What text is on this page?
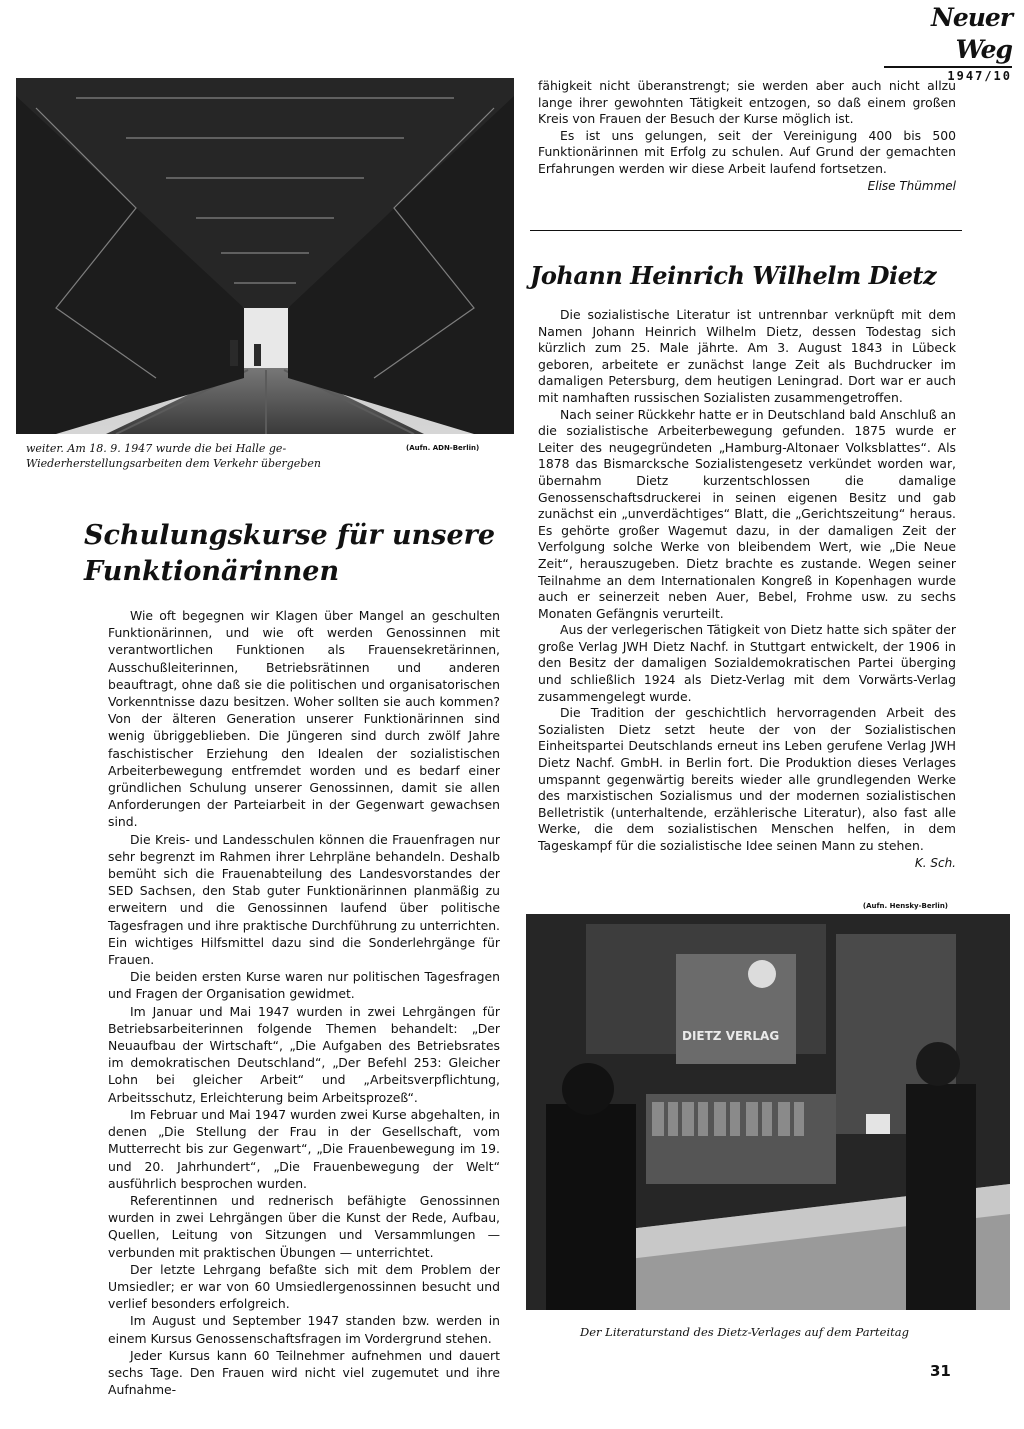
Neuer Weg
1947/10
weiter. Am 18. 9. 1947 wurde die bei Halle ge-
Wiederherstellungsarbeiten dem Verkehr übergeben
(Aufn. ADN-Berlin)
Schulungskurse für unsere
Funktionärinnen

Wie oft begegnen wir Klagen über Mangel an geschulten Funktionärinnen, und wie oft werden Genossinnen mit verantwortlichen Funktionen als Frauensekretärinnen, Ausschußleiterinnen, Betriebsrätinnen und anderen beauftragt, ohne daß sie die politischen und organisatorischen Vorkenntnisse dazu besitzen. Woher sollten sie auch kommen? Von der älteren Generation unserer Funktionärinnen sind wenig übriggeblieben. Die Jüngeren sind durch zwölf Jahre faschistischer Erziehung den Idealen der sozialistischen Arbeiterbewegung entfremdet worden und es bedarf einer gründlichen Schulung unserer Genossinnen, damit sie allen Anforderungen der Parteiarbeit in der Gegenwart gewachsen sind.

Die Kreis- und Landesschulen können die Frauenfragen nur sehr begrenzt im Rahmen ihrer Lehrpläne behandeln. Deshalb bemüht sich die Frauenabteilung des Landesvorstandes der SED Sachsen, den Stab guter Funktionärinnen planmäßig zu erweitern und die Genossinnen laufend über politische Tagesfragen und ihre praktische Durchführung zu unterrichten. Ein wichtiges Hilfsmittel dazu sind die Sonderlehrgänge für Frauen.

Die beiden ersten Kurse waren nur politischen Tagesfragen und Fragen der Organisation gewidmet.

Im Januar und Mai 1947 wurden in zwei Lehrgängen für Betriebsarbeiterinnen folgende Themen behandelt: „Der Neuaufbau der Wirtschaft“, „Die Aufgaben des Betriebsrates im demokratischen Deutschland“, „Der Befehl 253: Gleicher Lohn bei gleicher Arbeit“ und „Arbeitsverpflichtung, Arbeitsschutz, Erleichterung beim Arbeitsprozeß“.

Im Februar und Mai 1947 wurden zwei Kurse abgehalten, in denen „Die Stellung der Frau in der Gesellschaft, vom Mutterrecht bis zur Gegenwart“, „Die Frauenbewegung im 19. und 20. Jahrhundert“, „Die Frauenbewegung der Welt“ ausführlich besprochen wurden.

Referentinnen und rednerisch befähigte Genossinnen wurden in zwei Lehrgängen über die Kunst der Rede, Aufbau, Quellen, Leitung von Sitzungen und Versammlungen — verbunden mit praktischen Übungen — unterrichtet.

Der letzte Lehrgang befaßte sich mit dem Problem der Umsiedler; er war von 60 Umsiedlergenossinnen besucht und verlief besonders erfolgreich.

Im August und September 1947 standen bzw. werden in einem Kursus Genossenschaftsfragen im Vordergrund stehen.

Jeder Kursus kann 60 Teilnehmer aufnehmen und dauert sechs Tage. Den Frauen wird nicht viel zugemutet und ihre Aufnahme-

fähigkeit nicht überanstrengt; sie werden aber auch nicht allzu lange ihrer gewohnten Tätigkeit entzogen, so daß einem großen Kreis von Frauen der Besuch der Kurse möglich ist.

Es ist uns gelungen, seit der Vereinigung 400 bis 500 Funktionärinnen mit Erfolg zu schulen. Auf Grund der gemachten Erfahrungen werden wir diese Arbeit laufend fortsetzen.

Elise Thümmel
Johann Heinrich Wilhelm Dietz

Die sozialistische Literatur ist untrennbar verknüpft mit dem Namen Johann Heinrich Wilhelm Dietz, dessen Todestag sich kürzlich zum 25. Male jährte. Am 3. August 1843 in Lübeck geboren, arbeitete er zunächst lange Zeit als Buchdrucker im damaligen Petersburg, dem heutigen Leningrad. Dort war er auch mit namhaften russischen Sozialisten zusammengetroffen.

Nach seiner Rückkehr hatte er in Deutschland bald Anschluß an die sozialistische Arbeiterbewegung gefunden. 1875 wurde er Leiter des neugegründeten „Hamburg-Altonaer Volksblattes“. Als 1878 das Bismarcksche Sozialistengesetz verkündet worden war, übernahm Dietz kurzentschlossen die damalige Genossenschaftsdruckerei in seinen eigenen Besitz und gab zunächst ein „unverdächtiges“ Blatt, die „Gerichtszeitung“ heraus. Es gehörte großer Wagemut dazu, in der damaligen Zeit der Verfolgung solche Werke von bleibendem Wert, wie „Die Neue Zeit“, herauszugeben. Dietz brachte es zustande. Wegen seiner Teilnahme an dem Internationalen Kongreß in Kopenhagen wurde auch er seinerzeit neben Auer, Bebel, Frohme usw. zu sechs Monaten Gefängnis verurteilt.

Aus der verlegerischen Tätigkeit von Dietz hatte sich später der große Verlag JWH Dietz Nachf. in Stuttgart entwickelt, der 1906 in den Besitz der damaligen Sozialdemokratischen Partei überging und schließlich 1924 als Dietz-Verlag mit dem Vorwärts-Verlag zusammengelegt wurde.

Die Tradition der geschichtlich hervorragenden Arbeit des Sozialisten Dietz setzt heute der von der Sozialistischen Einheitspartei Deutschlands erneut ins Leben gerufene Verlag JWH Dietz Nachf. GmbH. in Berlin fort. Die Produktion dieses Verlages umspannt gegenwärtig bereits wieder alle grundlegenden Werke des marxistischen Sozialismus und der modernen sozialistischen Belletristik (unterhaltende, erzählerische Literatur), also fast alle Werke, die dem sozialistischen Menschen helfen, in dem Tageskampf für die sozialistische Idee seinen Mann zu stehen.

K. Sch.
(Aufn. Hensky-Berlin)
DIETZ VERLAG
Der Literaturstand des Dietz-Verlages auf dem Parteitag
31
